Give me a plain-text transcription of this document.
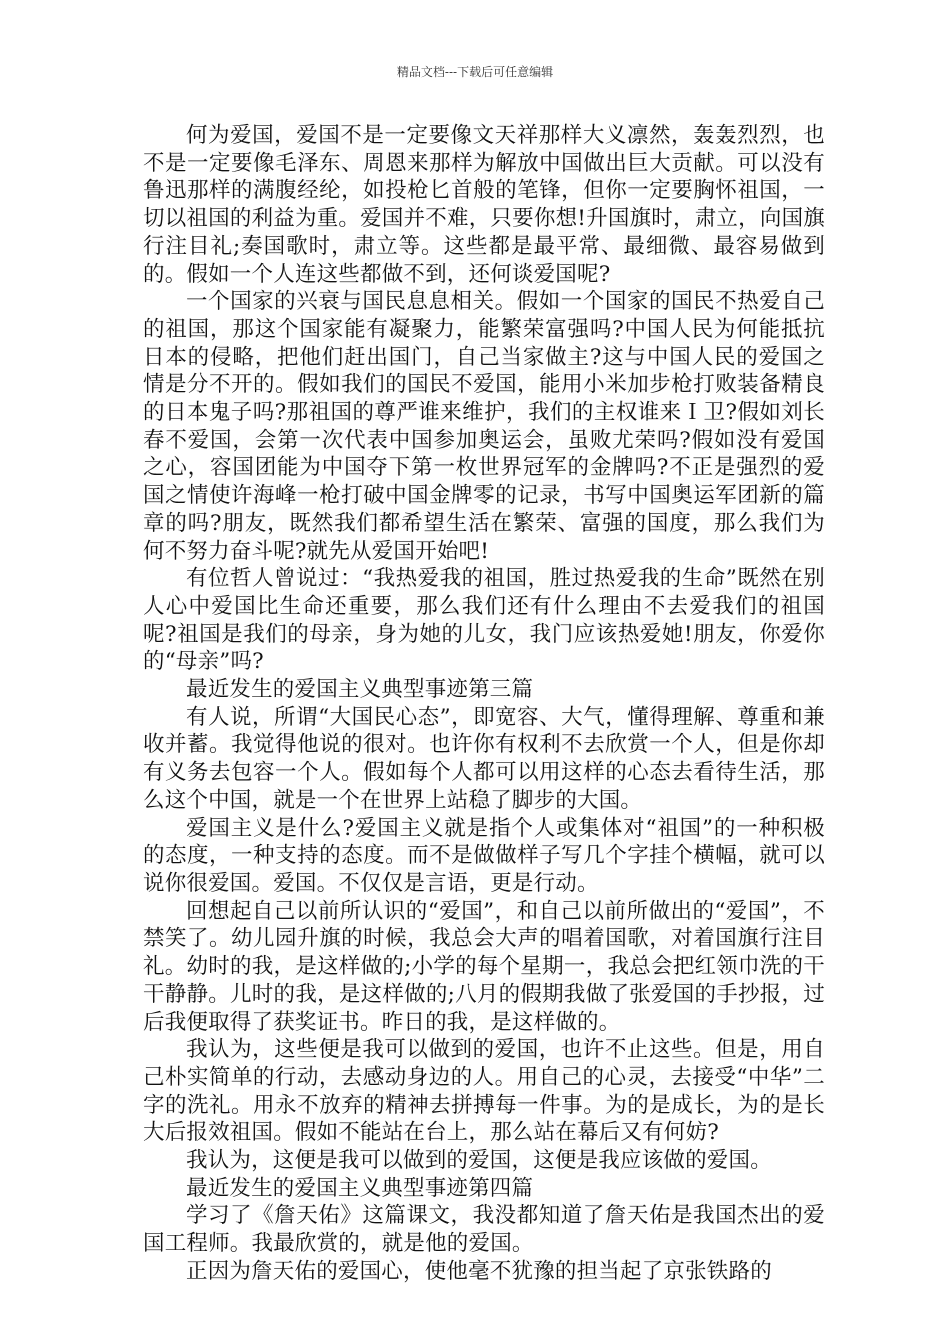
精品文档---下载后可任意编辑

何为爱国，爱国不是一定要像文天祥那样大义凛然，轰轰烈烈，也不是一定要像毛泽东、周恩来那样为解放中国做出巨大贡献。可以没有鲁迅那样的满腹经纶，如投枪匕首般的笔锋，但你一定要胸怀祖国，一切以祖国的利益为重。爱国并不难，只要你想!升国旗时，肃立，向国旗行注目礼;奏国歌时，肃立等。这些都是最平常、最细微、最容易做到的。假如一个人连这些都做不到，还何谈爱国呢?

一个国家的兴衰与国民息息相关。假如一个国家的国民不热爱自己的祖国，那这个国家能有凝聚力，能繁荣富强吗?中国人民为何能抵抗日本的侵略，把他们赶出国门，自己当家做主?这与中国人民的爱国之情是分不开的。假如我们的国民不爱国，能用小米加步枪打败装备精良的日本鬼子吗?那祖国的尊严谁来维护，我们的主权谁来Ｉ卫?假如刘长春不爱国，会第一次代表中国参加奥运会，虽败尤荣吗?假如没有爱国之心，容国团能为中国夺下第一枚世界冠军的金牌吗?不正是强烈的爱国之情使许海峰一枪打破中国金牌零的记录，书写中国奥运军团新的篇章的吗?朋友，既然我们都希望生活在繁荣、富强的国度，那么我们为何不努力奋斗呢?就先从爱国开始吧!

有位哲人曾说过：“我热爱我的祖国，胜过热爱我的生命”既然在别人心中爱国比生命还重要，那么我们还有什么理由不去爱我们的祖国呢?祖国是我们的母亲，身为她的儿女，我门应该热爱她!朋友，你爱你的“母亲”吗?

最近发生的爱国主义典型事迹第三篇

有人说，所谓“大国民心态”，即宽容、大气，懂得理解、尊重和兼收并蓄。我觉得他说的很对。也许你有权利不去欣赏一个人，但是你却有义务去包容一个人。假如每个人都可以用这样的心态去看待生活，那么这个中国，就是一个在世界上站稳了脚步的大国。

爱国主义是什么?爱国主义就是指个人或集体对“祖国”的一种积极的态度，一种支持的态度。而不是做做样子写几个字挂个横幅，就可以说你很爱国。爱国。不仅仅是言语，更是行动。

回想起自己以前所认识的“爱国”，和自己以前所做出的“爱国”，不禁笑了。幼儿园升旗的时候，我总会大声的唱着国歌，对着国旗行注目礼。幼时的我，是这样做的;小学的每个星期一，我总会把红领巾洗的干干静静。儿时的我，是这样做的;八月的假期我做了张爱国的手抄报，过后我便取得了获奖证书。昨日的我，是这样做的。

我认为，这些便是我可以做到的爱国，也许不止这些。但是，用自己朴实简单的行动，去感动身边的人。用自己的心灵，去接受“中华”二字的洗礼。用永不放弃的精神去拼搏每一件事。为的是成长，为的是长大后报效祖国。假如不能站在台上，那么站在幕后又有何妨?

我认为，这便是我可以做到的爱国，这便是我应该做的爱国。

最近发生的爱国主义典型事迹第四篇

学习了《詹天佑》这篇课文，我没都知道了詹天佑是我国杰出的爱国工程师。我最欣赏的，就是他的爱国。

正因为詹天佑的爱国心，使他毫不犹豫的担当起了京张铁路的
